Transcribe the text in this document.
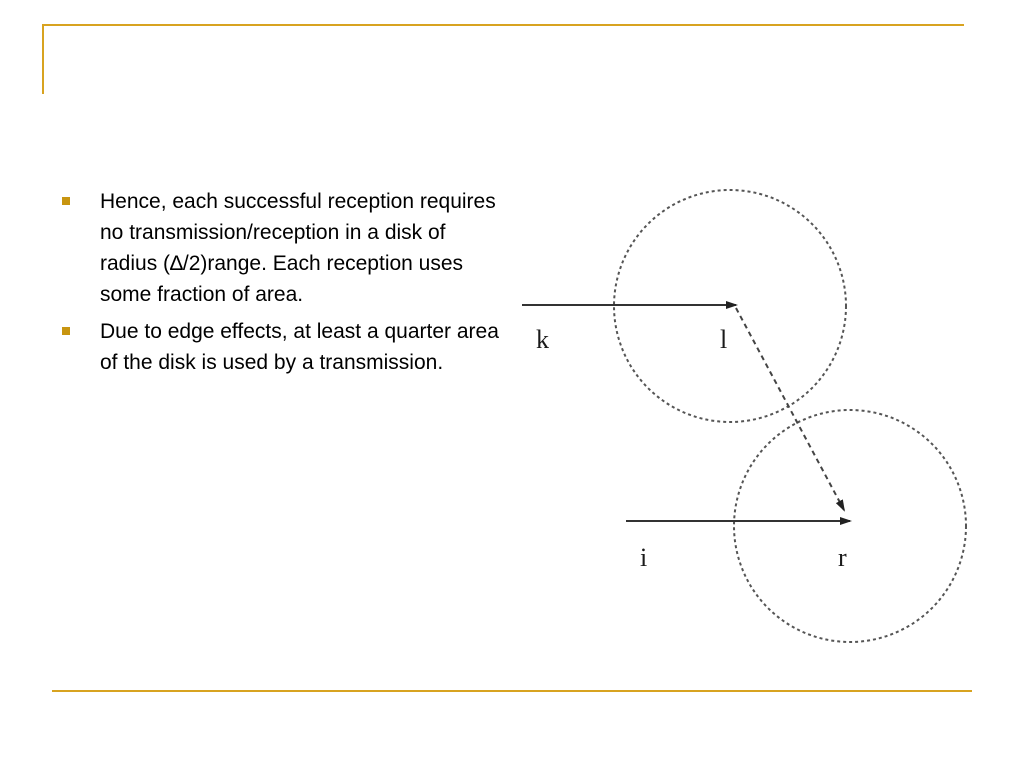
Hence, each successful reception requires no transmission/reception in a disk of radius (∆/2)range. Each reception uses some fraction of area.
Due to edge effects, at least a quarter area of the disk is used by a transmission.
k	l
i	r
